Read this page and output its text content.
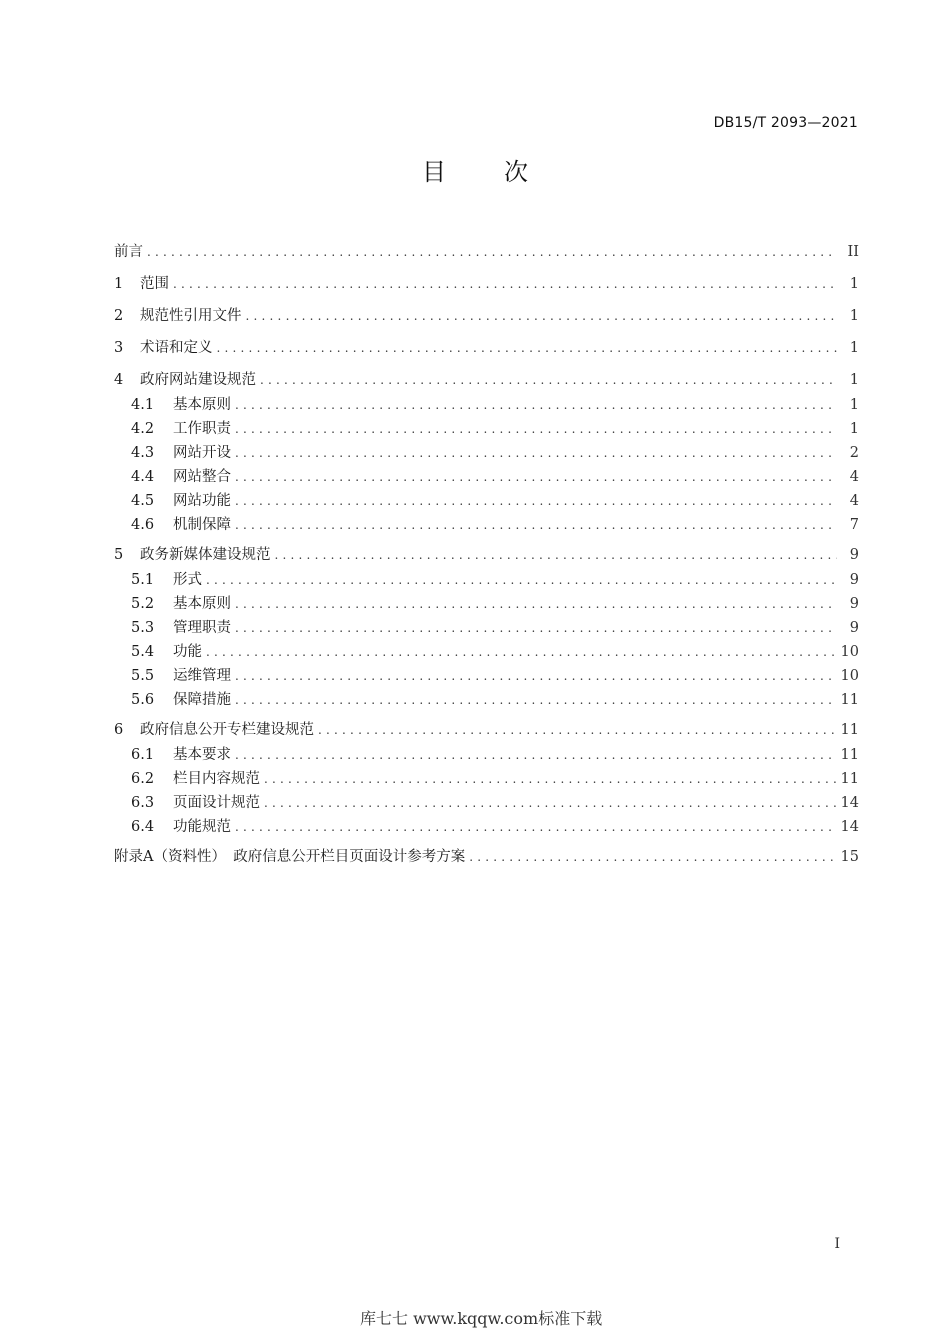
DB15/T 2093—2021
目 次
前言 .....	II
1	范围 .....	1
2	规范性引用文件 .....	1
3	术语和定义 .....	1
4	政府网站建设规范 .....	1
4.1	基本原则 .....	1
4.2	工作职责 .....	1
4.3	网站开设 .....	2
4.4	网站整合 .....	4
4.5	网站功能 .....	4
4.6	机制保障 .....	7
5	政务新媒体建设规范 .....	9
5.1	形式 .....	9
5.2	基本原则 .....	9
5.3	管理职责 .....	9
5.4	功能 .....	10
5.5	运维管理 .....	10
5.6	保障措施 .....	11
6	政府信息公开专栏建设规范 .....	11
6.1	基本要求 .....	11
6.2	栏目内容规范 .....	11
6.3	页面设计规范 .....	14
6.4	功能规范 .....	14
附录A（资料性）　政府信息公开栏目页面设计参考方案 .....	15
I
库七七 www.kqqw.com标准下载
